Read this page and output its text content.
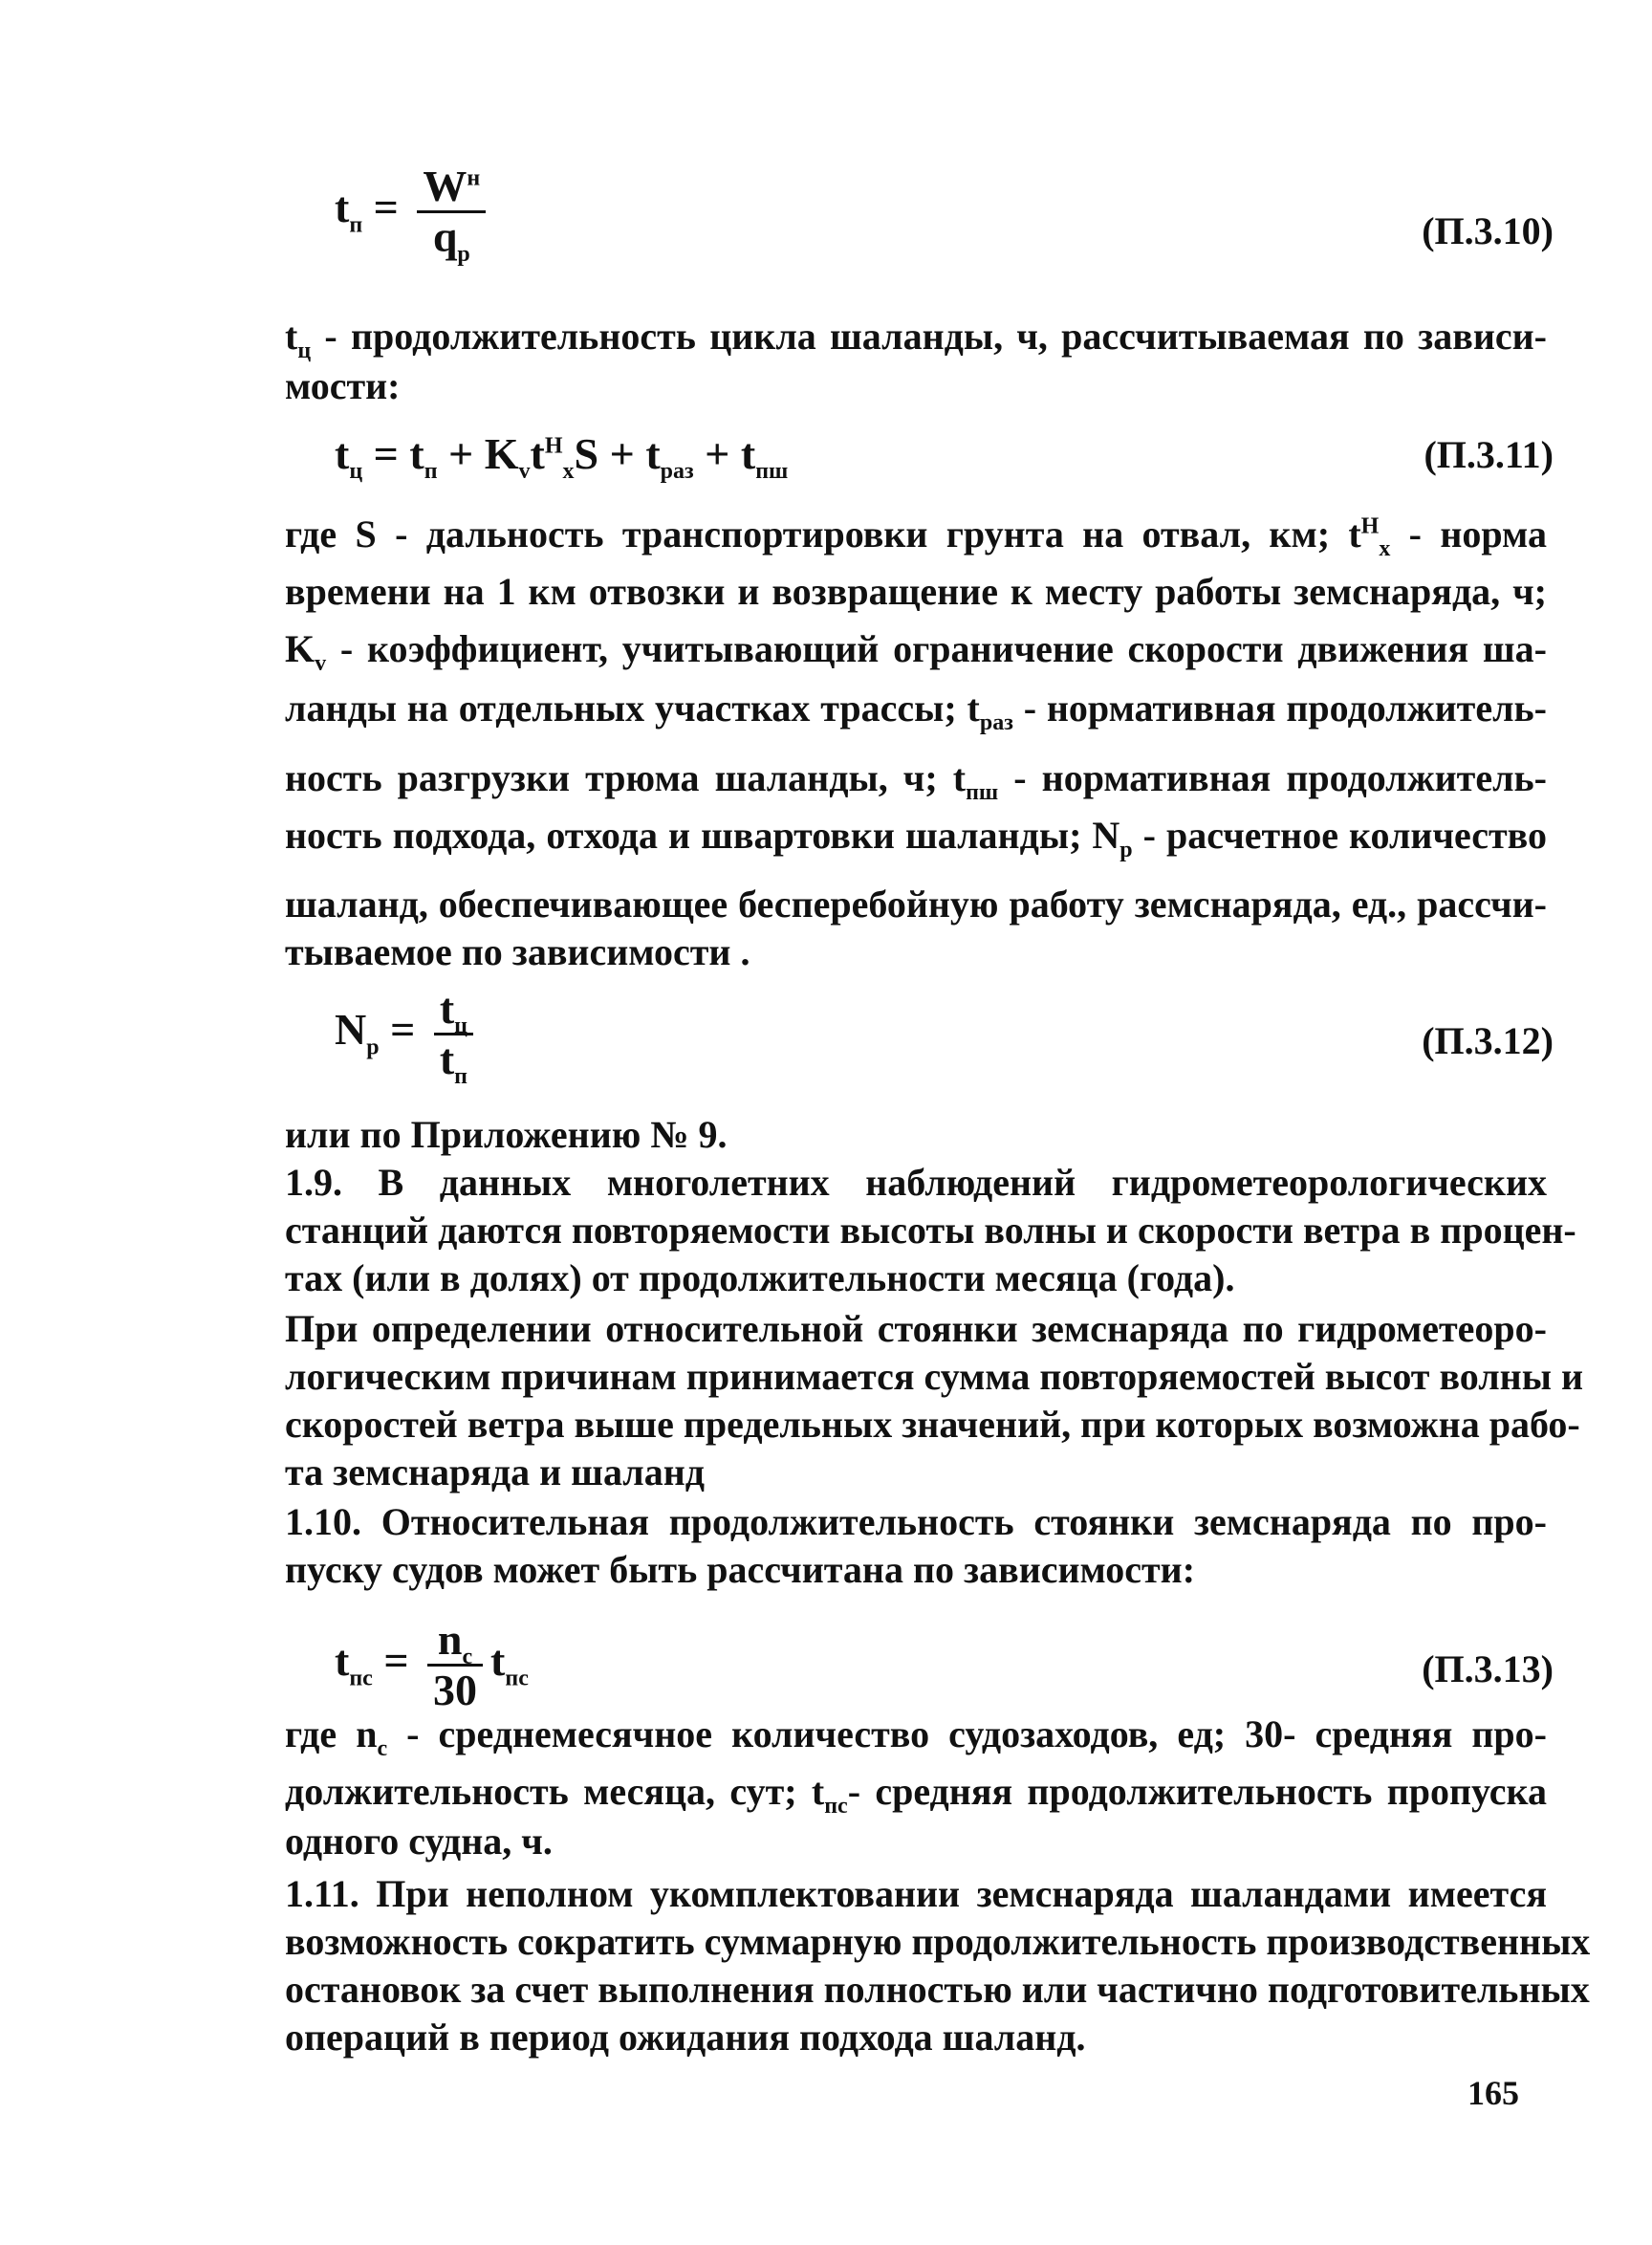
$t_п = \frac{W^н}{q_р}$	(П.3.10)
$t_ц$ - продолжительность цикла шаланды, ч, рассчитываемая по зависи-
мости:
$t_ц = t_п + K_vt^Н_хS + t_{раз} + t_{пш}$	(П.3.11)
где S - дальность транспортировки грунта на отвал, км; $t^Н_х$ - норма
времени на 1 км отвозки и возвращение к месту работы земснаряда, ч;
$K_v$ - коэффициент, учитывающий ограничение скорости движения ша-
ланды на отдельных участках трассы; $t_{раз}$ - нормативная продолжитель-
ность разгрузки трюма шаланды, ч; $t_{пш}$ - нормативная продолжитель-
ность подхода, отхода и швартовки шаланды; $N_р$ - расчетное количество
шаланд, обеспечивающее бесперебойную работу земснаряда, ед., рассчи-
тываемое по зависимости .
$N_р = \frac{t_ц}{t_п}$	(П.3.12)
или по Приложению № 9.
1.9. В данных многолетних наблюдений гидрометеорологических
станций даются повторяемости высоты волны и скорости ветра в процен-
тах (или в долях) от продолжительности месяца (года).
При определении относительной стоянки земснаряда по гидрометеоро-
логическим причинам принимается сумма повторяемостей высот волны и
скоростей ветра выше предельных значений, при которых возможна рабо-
та земснаряда и шаланд
1.10. Относительная продолжительность стоянки земснаряда по про-
пуску судов может быть рассчитана по зависимости:
$t_{пс} = \frac{n_с}{30} t_{пс}$	(П.3.13)
где $n_с$ - среднемесячное количество судозаходов, ед; 30- средняя про-
должительность месяца, сут; $t_{пс}-$ средняя продолжительность пропуска
одного судна, ч.
1.11. При неполном укомплектовании земснаряда шаландами имеется
возможность сократить суммарную продолжительность производственных
остановок за счет выполнения полностью или частично подготовительных
операций в период ожидания подхода шаланд.
165
